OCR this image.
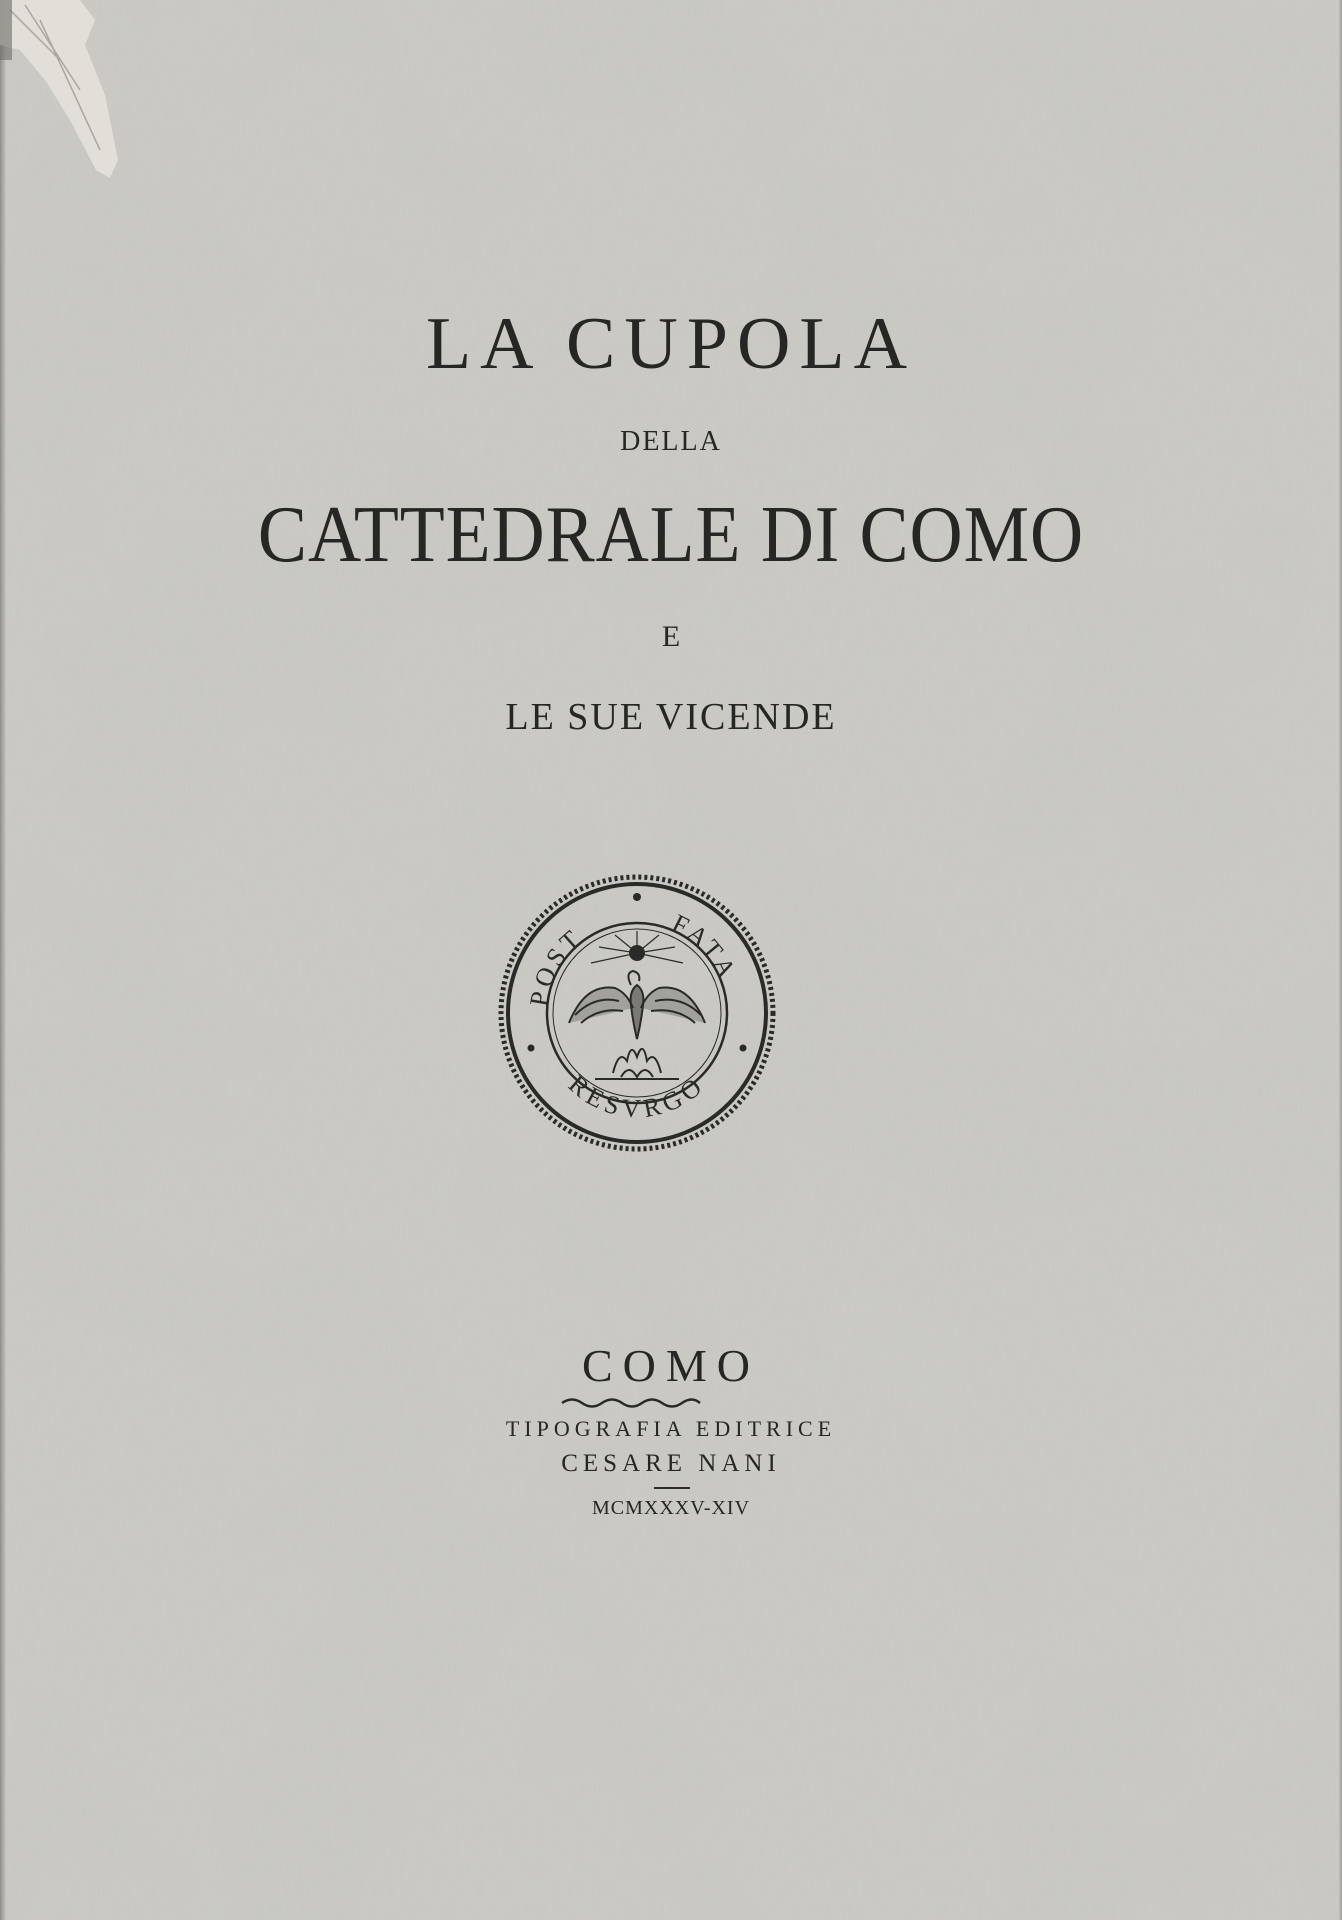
LA CUPOLA
DELLA
CATTEDRALE DI COMO
E
LE SUE VICENDE
POST	FATA
RESVRGO
COMO
TIPOGRAFIA EDITRICE
CESARE NANI
MCMXXXV-XIV
